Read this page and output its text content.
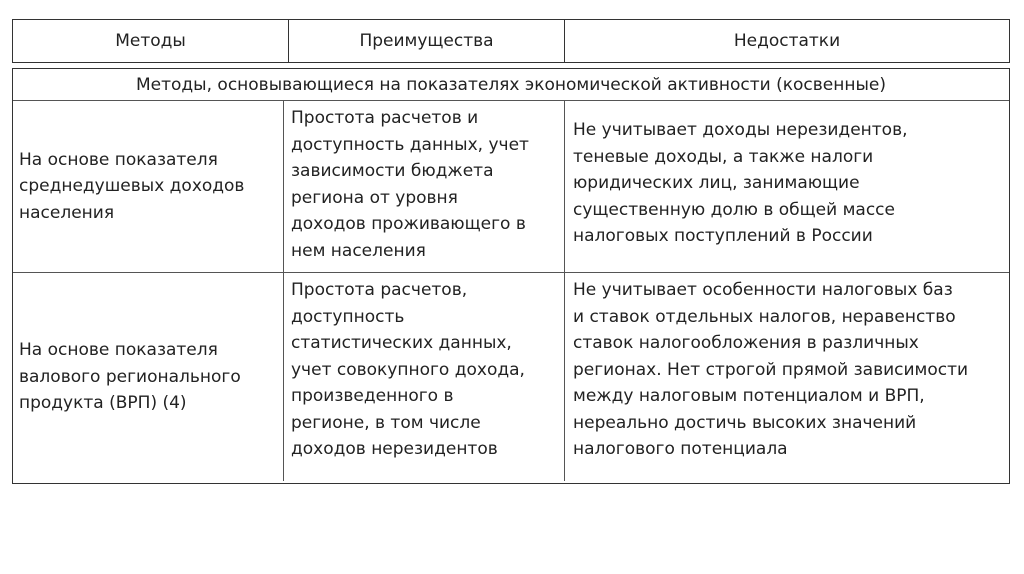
Методы	Преимущества	Недостатки
Методы, основывающиеся на показателях экономической активности (косвенные)
На основе показателя
среднедушевых доходов
населения
Простота расчетов и
доступность данных, учет
зависимости бюджета
региона от уровня
доходов проживающего в
нем населения
Не учитывает доходы нерезидентов,
теневые доходы, а также налоги
юридических лиц, занимающие
существенную долю в общей массе
налоговых поступлений в России
На основе показателя
валового регионального
продукта (ВРП) (4)
Простота расчетов,
доступность
статистических данных,
учет совокупного дохода,
произведенного в
регионе, в том числе
доходов нерезидентов
Не учитывает особенности налоговых баз
и ставок отдельных налогов, неравенство
ставок налогообложения в различных
регионах. Нет строгой прямой зависимости
между налоговым потенциалом и ВРП,
нереально достичь высоких значений
налогового потенциала
